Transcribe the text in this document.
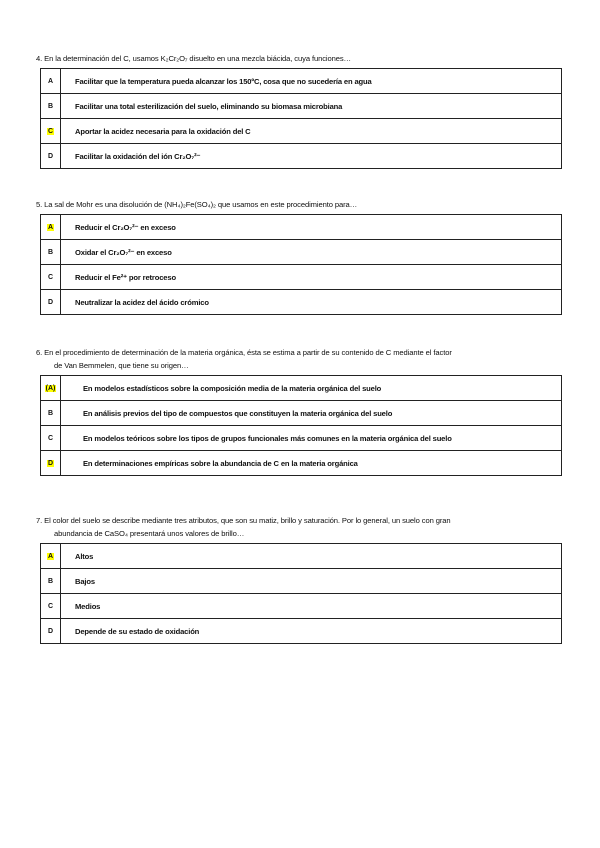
4. En la determinación del C, usamos K₂Cr₂O₇ disuelto en una mezcla biácida, cuya funciones…

A	Facilitar que la temperatura pueda alcanzar los 150ºC, cosa que no sucedería en agua
B	Facilitar una total esterilización del suelo, eliminando su biomasa microbiana
C	Aportar la acidez necesaria para la oxidación del C
D	Facilitar la oxidación del ión Cr₂O₇²⁻

5. La sal de Mohr es una disolución de (NH₄)₂Fe(SO₄)₂ que usamos en este procedimiento para…

A	Reducir el Cr₂O₇²⁻ en exceso
B	Oxidar el Cr₂O₇²⁻ en exceso
C	Reducir el Fe²⁺ por retroceso
D	Neutralizar la acidez del ácido crómico

6. En el procedimiento de determinación de la materia orgánica, ésta se estima a partir de su contenido de C mediante el factor
de Van Bemmelen, que tiene su origen…

(A)	En modelos estadísticos sobre la composición media de la materia orgánica del suelo
B	En análisis previos del tipo de compuestos que constituyen la materia orgánica del suelo
C	En modelos teóricos sobre los tipos de grupos funcionales más comunes en la materia orgánica del suelo
D	En determinaciones empíricas sobre la abundancia de C en la materia orgánica

7. El color del suelo se describe mediante tres atributos, que son su matiz, brillo y saturación. Por lo general, un suelo con gran
abundancia de CaSO₄ presentará unos valores de brillo…

A	Altos
B	Bajos
C	Medios
D	Depende de su estado de oxidación
